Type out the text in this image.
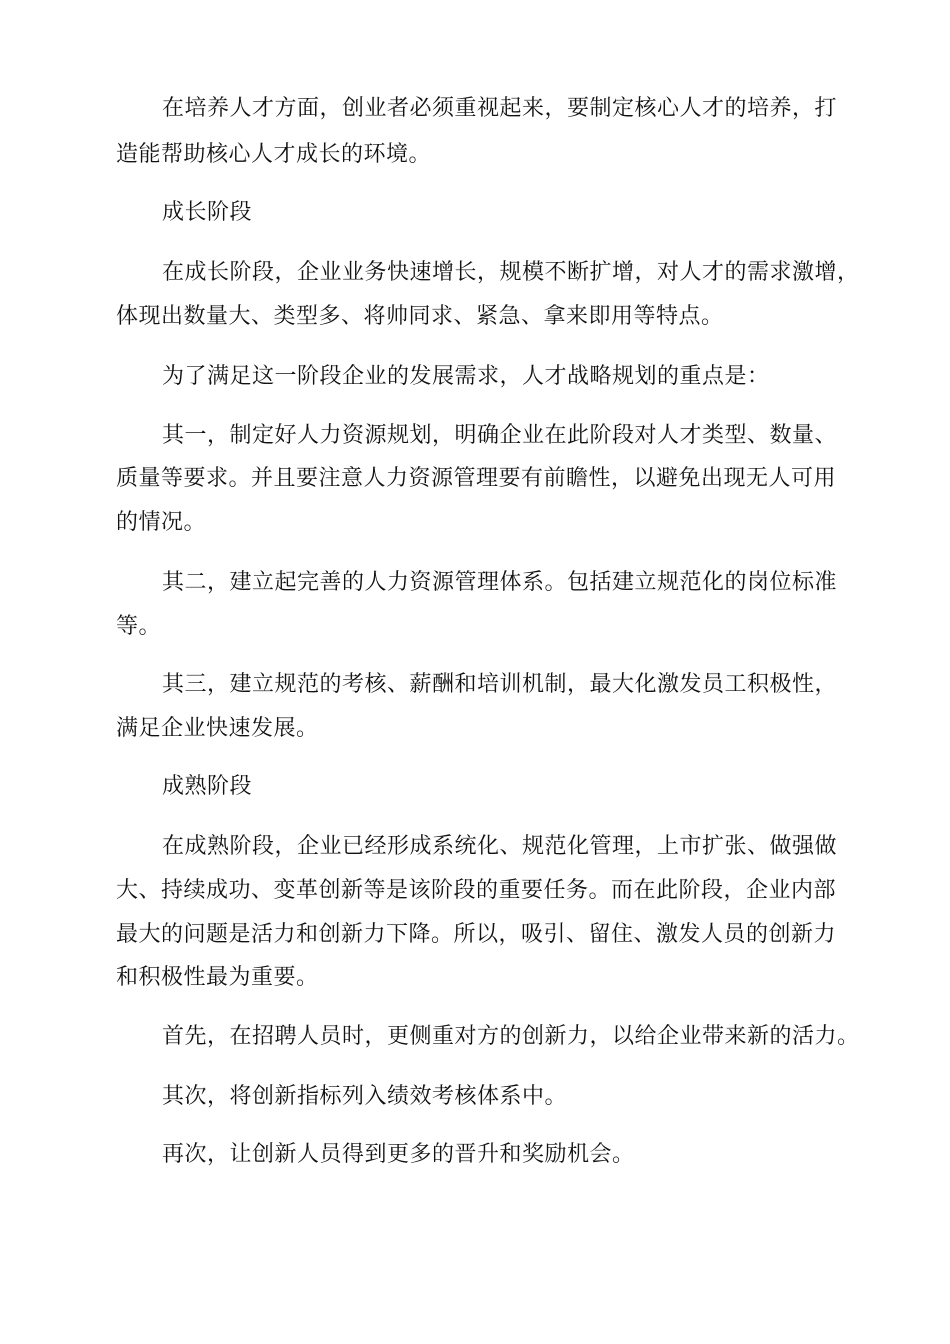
在培养人才方面，创业者必须重视起来，要制定核心人才的培养，打
造能帮助核心人才成长的环境。
成长阶段
在成长阶段，企业业务快速增长，规模不断扩增，对人才的需求激增，
体现出数量大、类型多、将帅同求、紧急、拿来即用等特点。
为了满足这一阶段企业的发展需求，人才战略规划的重点是：
其一，制定好人力资源规划，明确企业在此阶段对人才类型、数量、
质量等要求。并且要注意人力资源管理要有前瞻性，以避免出现无人可用
的情况。
其二，建立起完善的人力资源管理体系。包括建立规范化的岗位标准
等。
其三，建立规范的考核、薪酬和培训机制，最大化激发员工积极性，
满足企业快速发展。
成熟阶段
在成熟阶段，企业已经形成系统化、规范化管理，上市扩张、做强做
大、持续成功、变革创新等是该阶段的重要任务。而在此阶段，企业内部
最大的问题是活力和创新力下降。所以，吸引、留住、激发人员的创新力
和积极性最为重要。
首先，在招聘人员时，更侧重对方的创新力，以给企业带来新的活力。
其次，将创新指标列入绩效考核体系中。
再次，让创新人员得到更多的晋升和奖励机会。
